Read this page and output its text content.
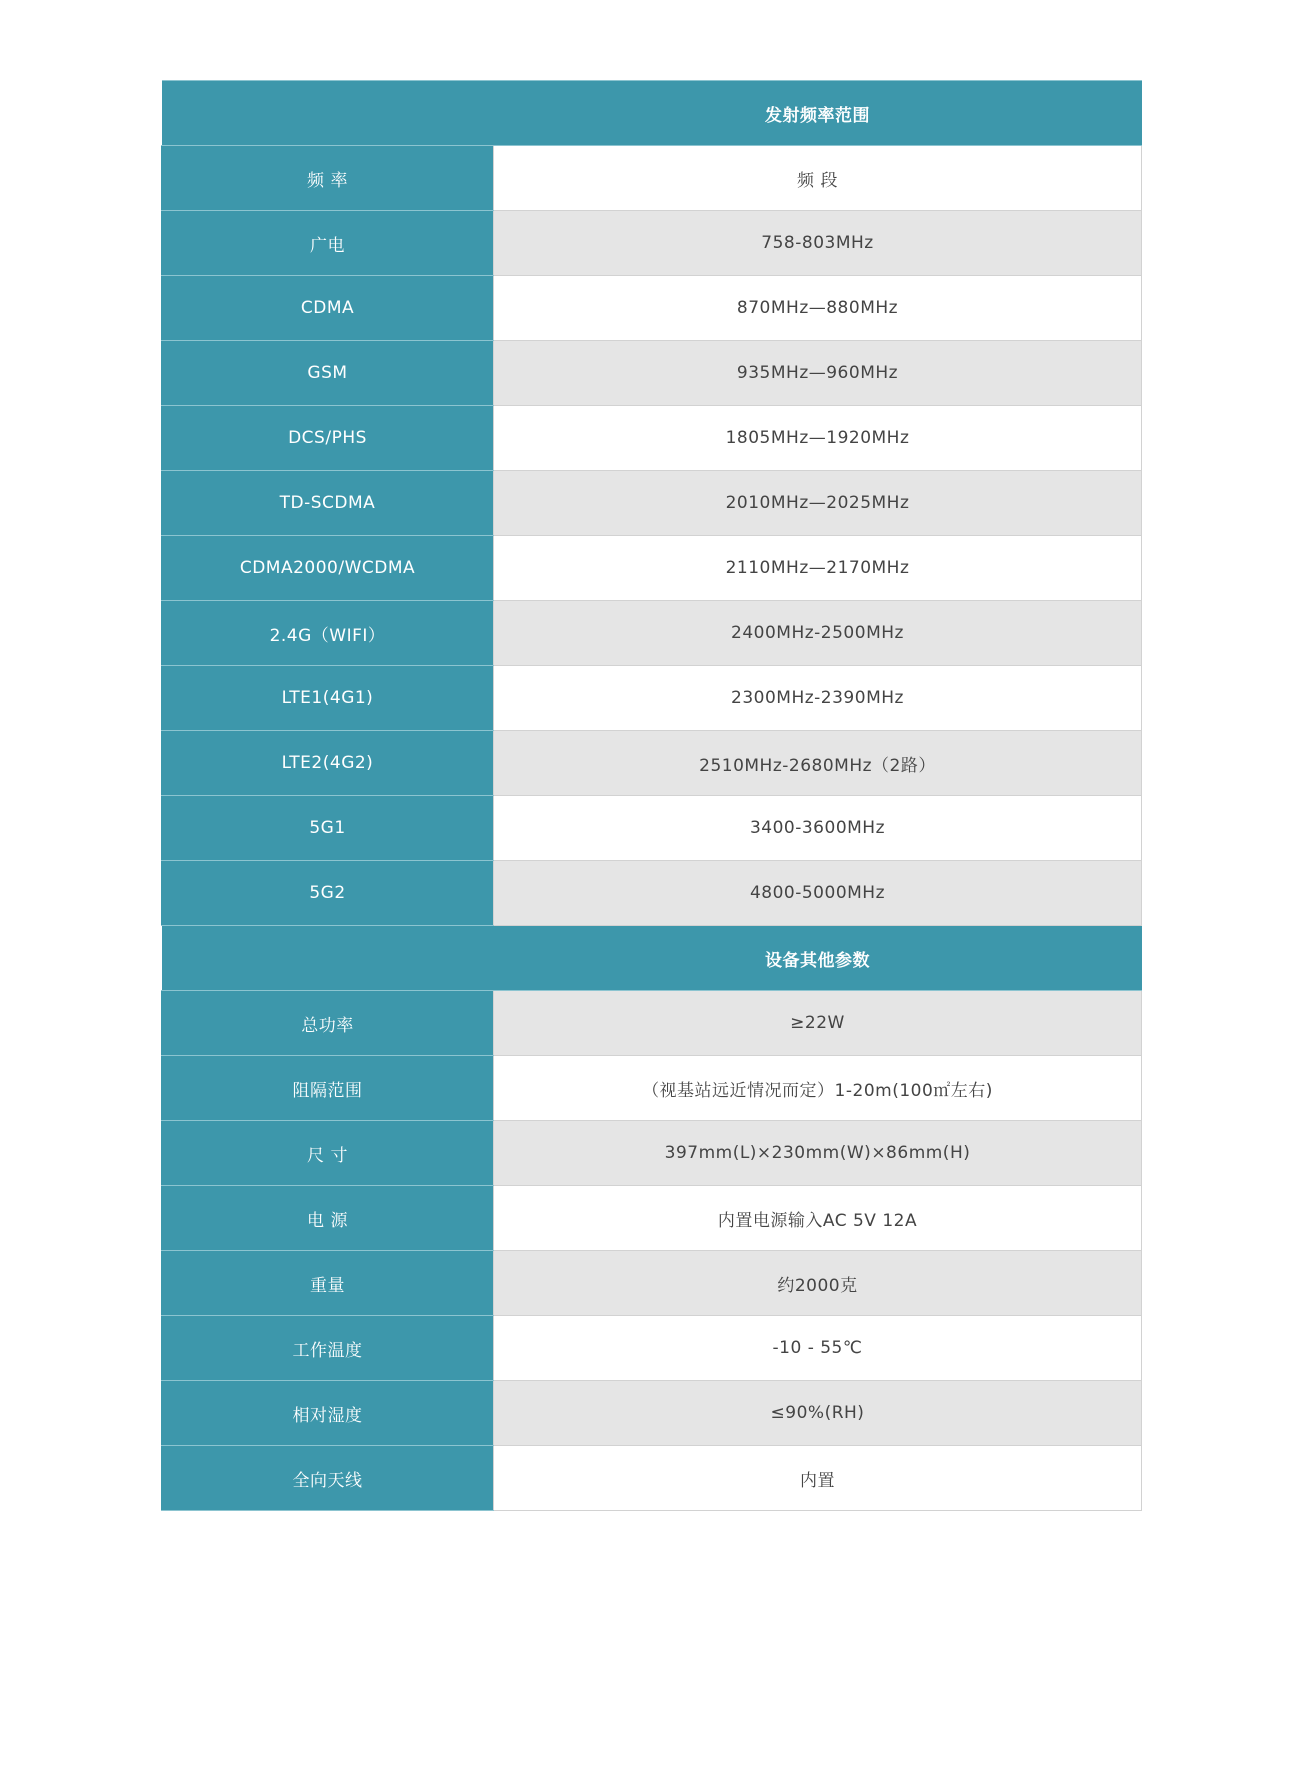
	发射频率范围
频 率	频 段
广电	758-803MHz
CDMA	870MHz—880MHz
GSM	935MHz—960MHz
DCS/PHS	1805MHz—1920MHz
TD-SCDMA	2010MHz—2025MHz
CDMA2000/WCDMA	2110MHz—2170MHz
2.4G（WIFI）	2400MHz-2500MHz
LTE1(4G1)	2300MHz-2390MHz
LTE2(4G2)	2510MHz-2680MHz（2路）
5G1	3400-3600MHz
5G2	4800-5000MHz
	设备其他参数
总功率	≥22W
阻隔范围	（视基站远近情况而定）1-20m(100㎡左右)
尺 寸	397mm(L)×230mm(W)×86mm(H)
电 源	内置电源输入AC 5V 12A
重量	约2000克
工作温度	-10 - 55℃
相对湿度	≤90%(RH)
全向天线	内置
